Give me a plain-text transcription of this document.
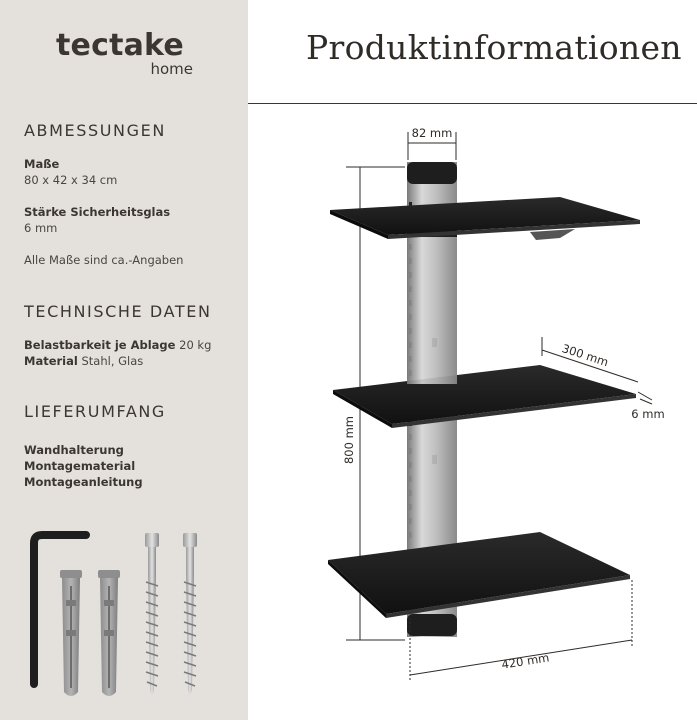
tectake
home
ABMESSUNGEN
Maße
80 x 42 x 34 cm
Stärke Sicherheitsglas
6 mm
Alle Maße sind ca.-Angaben
TECHNISCHE DATEN
Belastbarkeit je Ablage 20 kg
Material Stahl, Glas
LIEFERUMFANG
Wandhalterung
Montagematerial
Montageanleitung
Produktinformationen
82 mm
800 mm
300 mm
6 mm
420 mm
